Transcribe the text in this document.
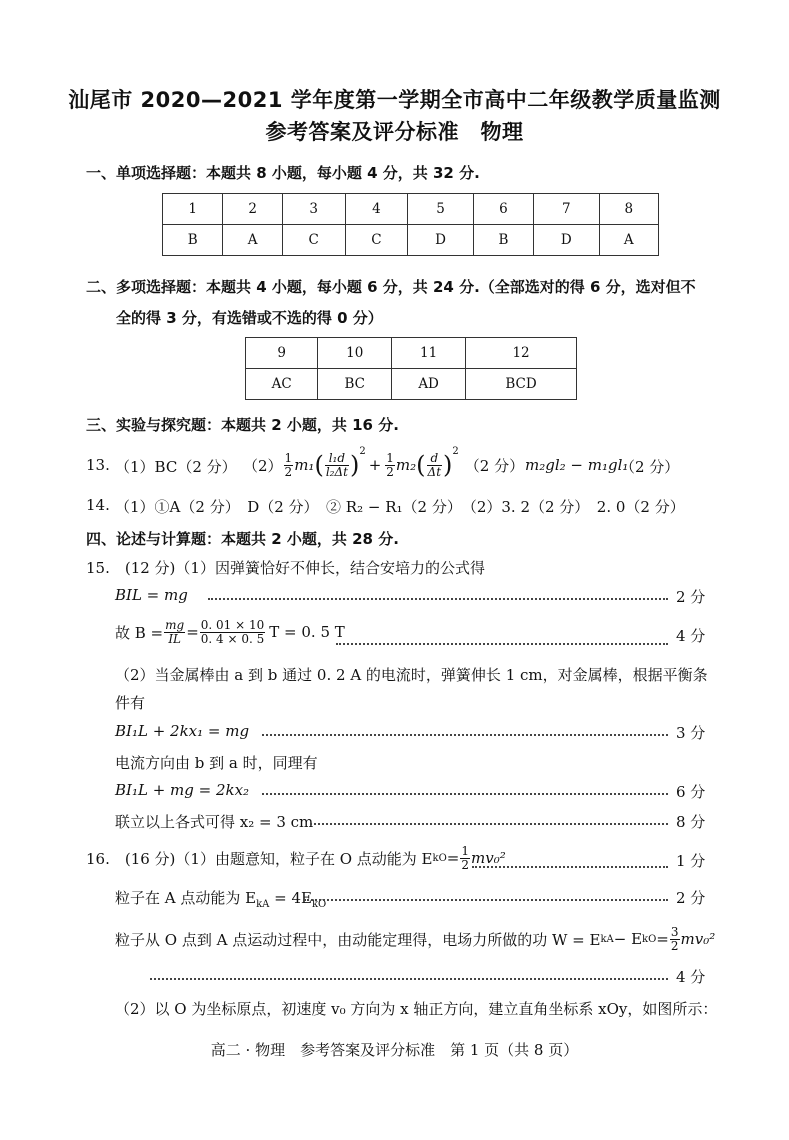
汕尾市 2020—2021 学年度第一学期全市高中二年级教学质量监测
参考答案及评分标准　物理
一、单项选择题：本题共 8 小题，每小题 4 分，共 32 分.
1	2	3	4	5	6	7	8
B	A	C	C	D	B	D	A
二、多项选择题：本题共 4 小题，每小题 6 分，共 24 分.（全部选对的得 6 分，选对但不
全的得 3 分，有选错或不选的得 0 分）
9	10	11	12
AC	BC	AD	BCD
三、实验与探究题：本题共 2 小题，共 16 分.
13. （1）BC（2 分） $(2) \frac{1}{2} m_1$ ( $\frac{\text{l₁d}}{\text{l₂Δt}} )^2$
+ $\frac{1}{2} m_2$ ( $\frac{d}{\Delta t} )^2$
（2 分） m₂gl₂ − m₁gl₁
（2 分）
14. （1）①A（2 分）　D（2 分）　② R₂ − R₁（2 分）　（2）3. 2（2 分）　2. 0（2 分）
四、论述与计算题：本题共 2 小题，共 28 分.
15.　(12 分)（1）因弹簧恰好不伸长，结合安培力的公式得
BIL = mg	2 分
故 $B = \frac{mg}{IL} = \frac{0. 01 \times 10}{0. 4 \times 0. 5}$ T = 0. 5 T	4 分
（2）当金属棒由 a 到 b 通过 0. 2 A 的电流时，弹簧伸长 1 cm，对金属棒，根据平衡条
件有
BI₁L + 2kx₁ = mg	3 分
电流方向由 b 到 a 时，同理有
BI₁L + mg = 2kx₂	6 分
联立以上各式可得 x₂ = 3 cm	8 分
16.　(16 分)（1）由题意知，粒子在 O 点动能为 E kO = $\frac{1}{2} mv_0^2$	1 分
粒子在 A 点动能为 $E_{kA} = 4E_{kO}$	2 分
粒子从 O 点到 A 点运动过程中，由动能定理得，电场力所做的功 W = E kA − E kO = $\frac{3}{2} mv_0^2$
4 分
（2）以 O 为坐标原点，初速度 v₀ 方向为 x 轴正方向，建立直角坐标系 xOy，如图所示：
高二 · 物理　参考答案及评分标准　第 1 页（共 8 页）
